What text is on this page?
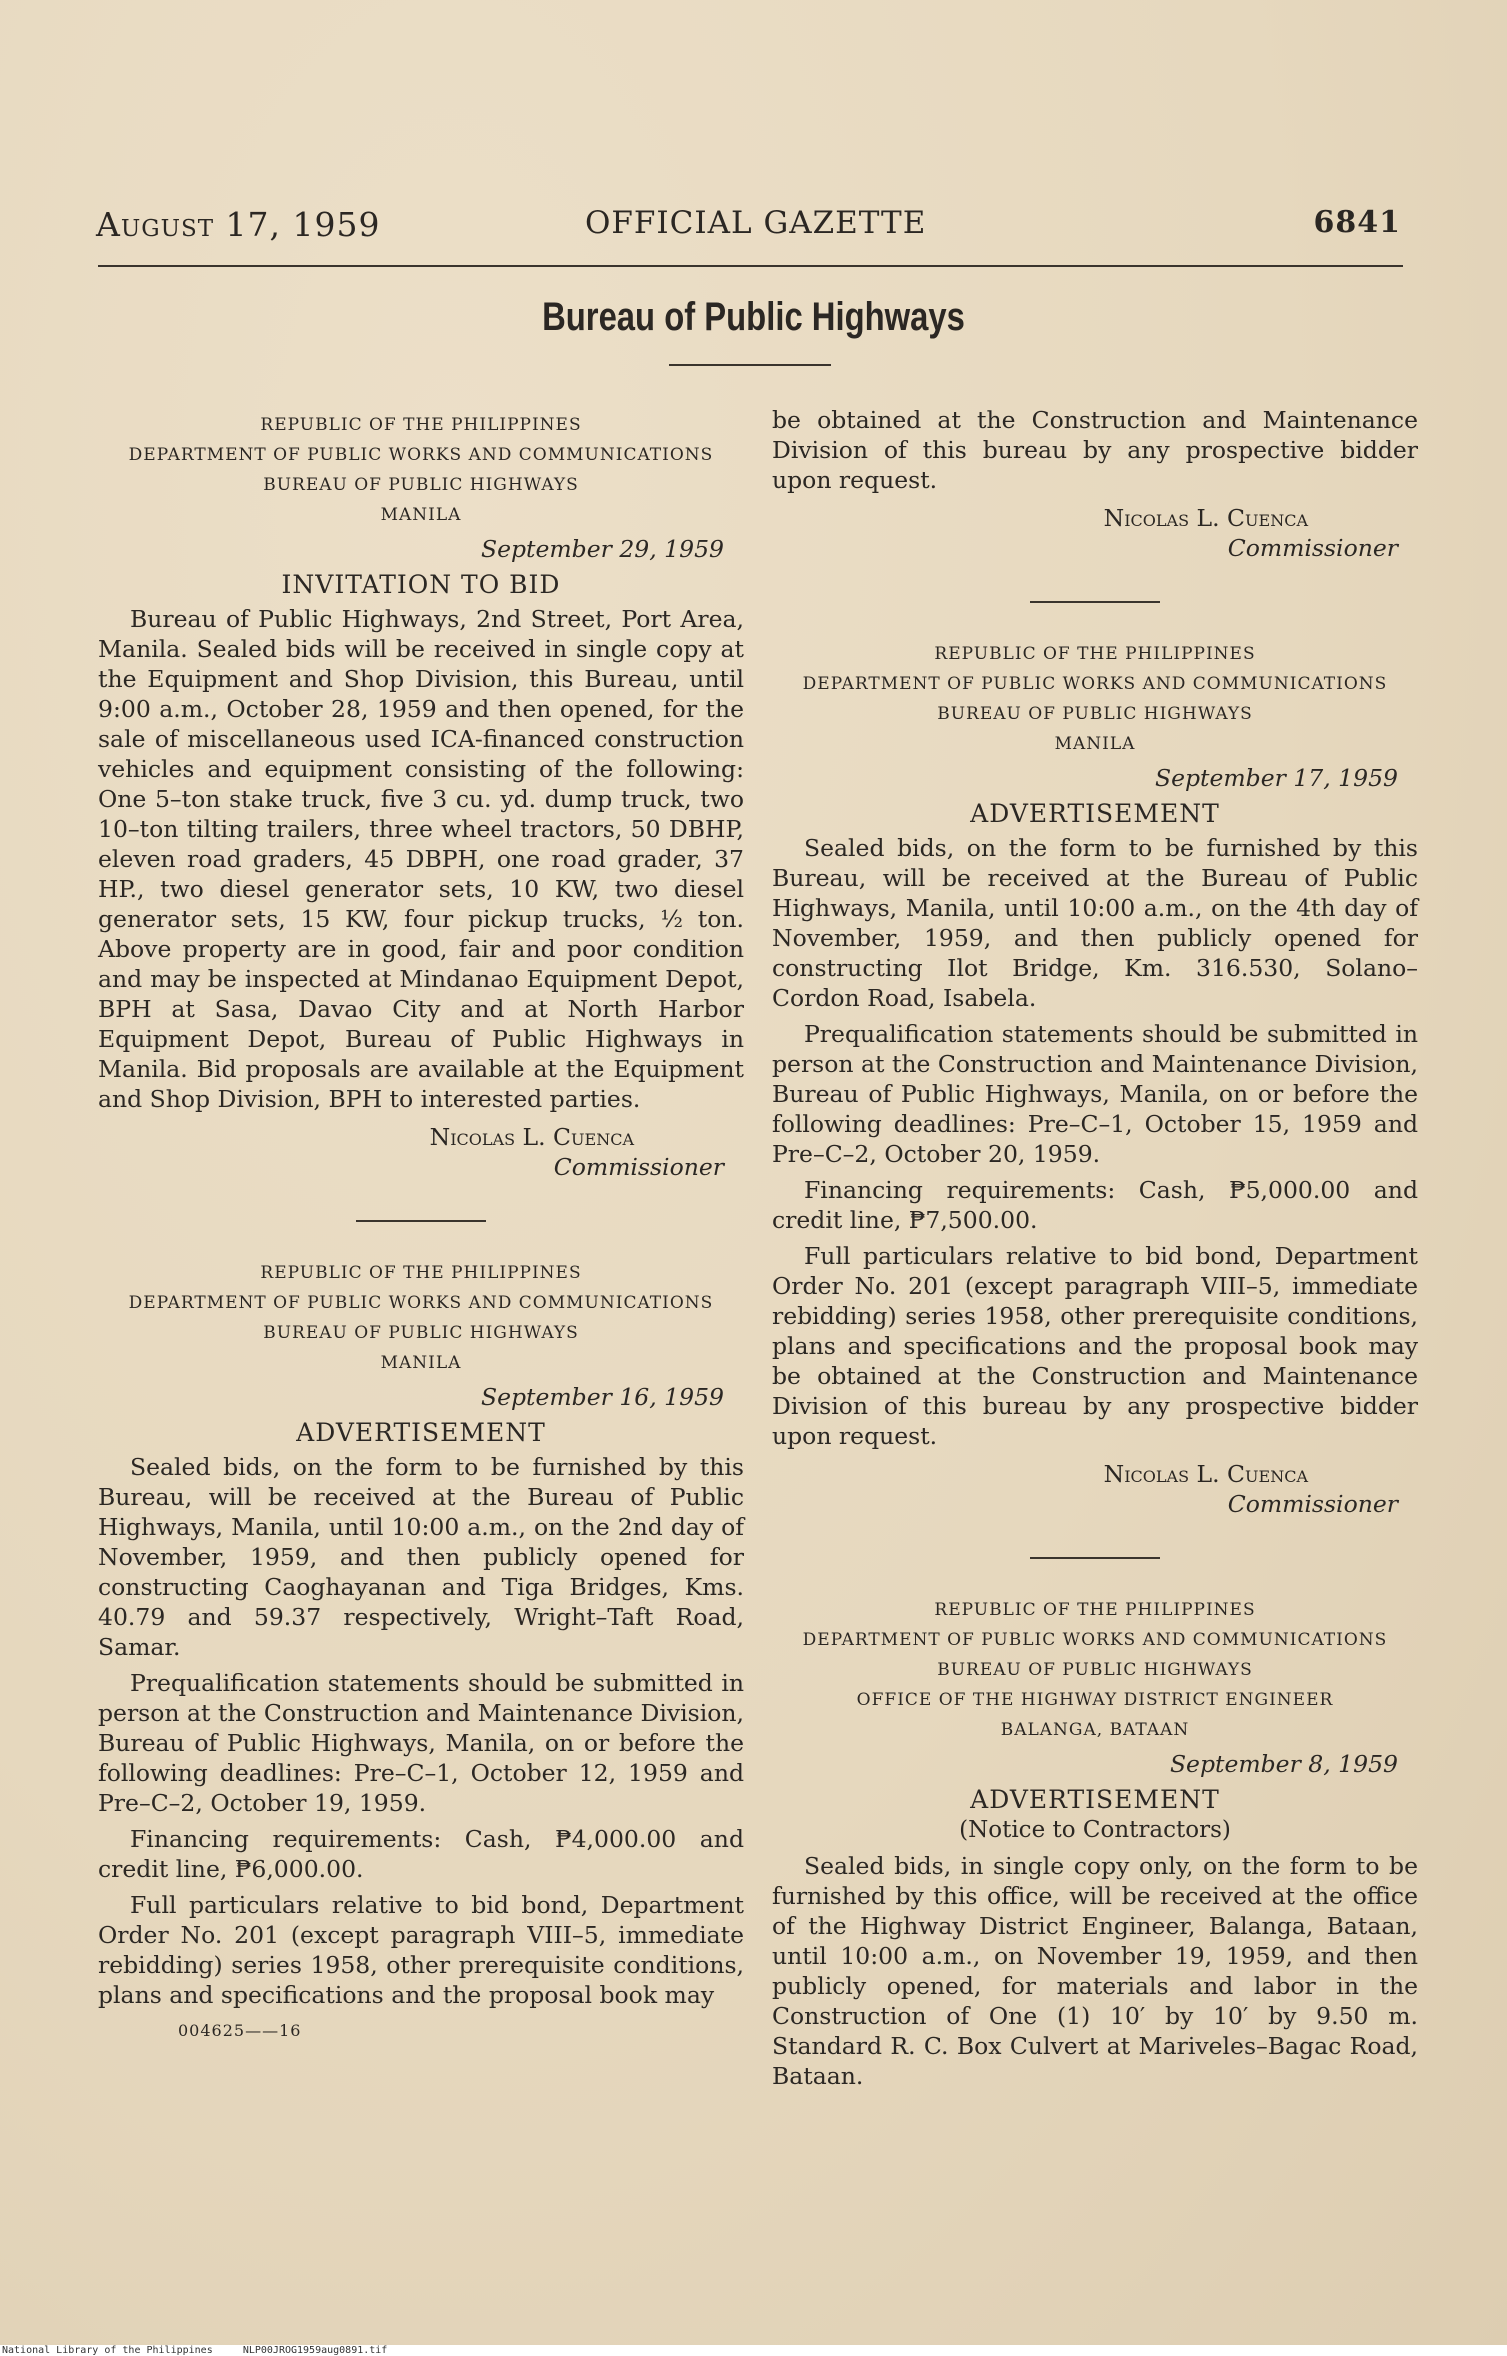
August 17, 1959	OFFICIAL GAZETTE	6841
Bureau of Public Highways
REPUBLIC OF THE PHILIPPINES
DEPARTMENT OF PUBLIC WORKS AND COMMUNICATIONS
BUREAU OF PUBLIC HIGHWAYS
MANILA
September 29, 1959
INVITATION TO BID

Bureau of Public Highways, 2nd Street, Port Area, Manila. Sealed bids will be received in single copy at the Equipment and Shop Division, this Bureau, until 9:00 a.m., October 28, 1959 and then opened, for the sale of miscellaneous used ICA-financed construction vehicles and equipment consisting of the following: One 5–ton stake truck, five 3 cu. yd. dump truck, two 10–ton tilting trailers, three wheel tractors, 50 DBHP, eleven road graders, 45 DBPH, one road grader, 37 HP., two diesel generator sets, 10 KW, two diesel generator sets, 15 KW, four pickup trucks, ½ ton. Above property are in good, fair and poor condition and may be inspected at Mindanao Equipment Depot, BPH at Sasa, Davao City and at North Harbor Equipment Depot, Bureau of Public Highways in Manila. Bid proposals are available at the Equipment and Shop Division, BPH to interested parties.

Nicolas L. Cuenca
Commissioner
REPUBLIC OF THE PHILIPPINES
DEPARTMENT OF PUBLIC WORKS AND COMMUNICATIONS
BUREAU OF PUBLIC HIGHWAYS
MANILA
September 16, 1959
ADVERTISEMENT

Sealed bids, on the form to be furnished by this Bureau, will be received at the Bureau of Public Highways, Manila, until 10:00 a.m., on the 2nd day of November, 1959, and then publicly opened for constructing Caoghayanan and Tiga Bridges, Kms. 40.79 and 59.37 respectively, Wright–Taft Road, Samar.

Prequalification statements should be submitted in person at the Construction and Maintenance Division, Bureau of Public Highways, Manila, on or before the following deadlines: Pre–C–1, October 12, 1959 and Pre–C–2, October 19, 1959.

Financing requirements: Cash, ₱4,000.00 and credit line, ₱6,000.00.

Full particulars relative to bid bond, Department Order No. 201 (except paragraph VIII–5, immediate rebidding) series 1958, other prerequisite conditions, plans and specifications and the proposal book may

004625——16

be obtained at the Construction and Maintenance Division of this bureau by any prospective bidder upon request.

Nicolas L. Cuenca
Commissioner
REPUBLIC OF THE PHILIPPINES
DEPARTMENT OF PUBLIC WORKS AND COMMUNICATIONS
BUREAU OF PUBLIC HIGHWAYS
MANILA
September 17, 1959
ADVERTISEMENT

Sealed bids, on the form to be furnished by this Bureau, will be received at the Bureau of Public Highways, Manila, until 10:00 a.m., on the 4th day of November, 1959, and then publicly opened for constructing Ilot Bridge, Km. 316.530, Solano–Cordon Road, Isabela.

Prequalification statements should be submitted in person at the Construction and Maintenance Division, Bureau of Public Highways, Manila, on or before the following deadlines: Pre–C–1, October 15, 1959 and Pre–C–2, October 20, 1959.

Financing requirements: Cash, ₱5,000.00 and credit line, ₱7,500.00.

Full particulars relative to bid bond, Department Order No. 201 (except paragraph VIII–5, immediate rebidding) series 1958, other prerequisite conditions, plans and specifications and the proposal book may be obtained at the Construction and Maintenance Division of this bureau by any prospective bidder upon request.

Nicolas L. Cuenca
Commissioner
REPUBLIC OF THE PHILIPPINES
DEPARTMENT OF PUBLIC WORKS AND COMMUNICATIONS
BUREAU OF PUBLIC HIGHWAYS
OFFICE OF THE HIGHWAY DISTRICT ENGINEER
BALANGA, BATAAN
September 8, 1959
ADVERTISEMENT
(Notice to Contractors)

Sealed bids, in single copy only, on the form to be furnished by this office, will be received at the office of the Highway District Engineer, Balanga, Bataan, until 10:00 a.m., on November 19, 1959, and then publicly opened, for materials and labor in the Construction of One (1) 10′ by 10′ by 9.50 m. Standard R. C. Box Culvert at Mariveles–Bagac Road, Bataan.

National Library of the Philippines	NLP00JROG1959aug0891.tif
